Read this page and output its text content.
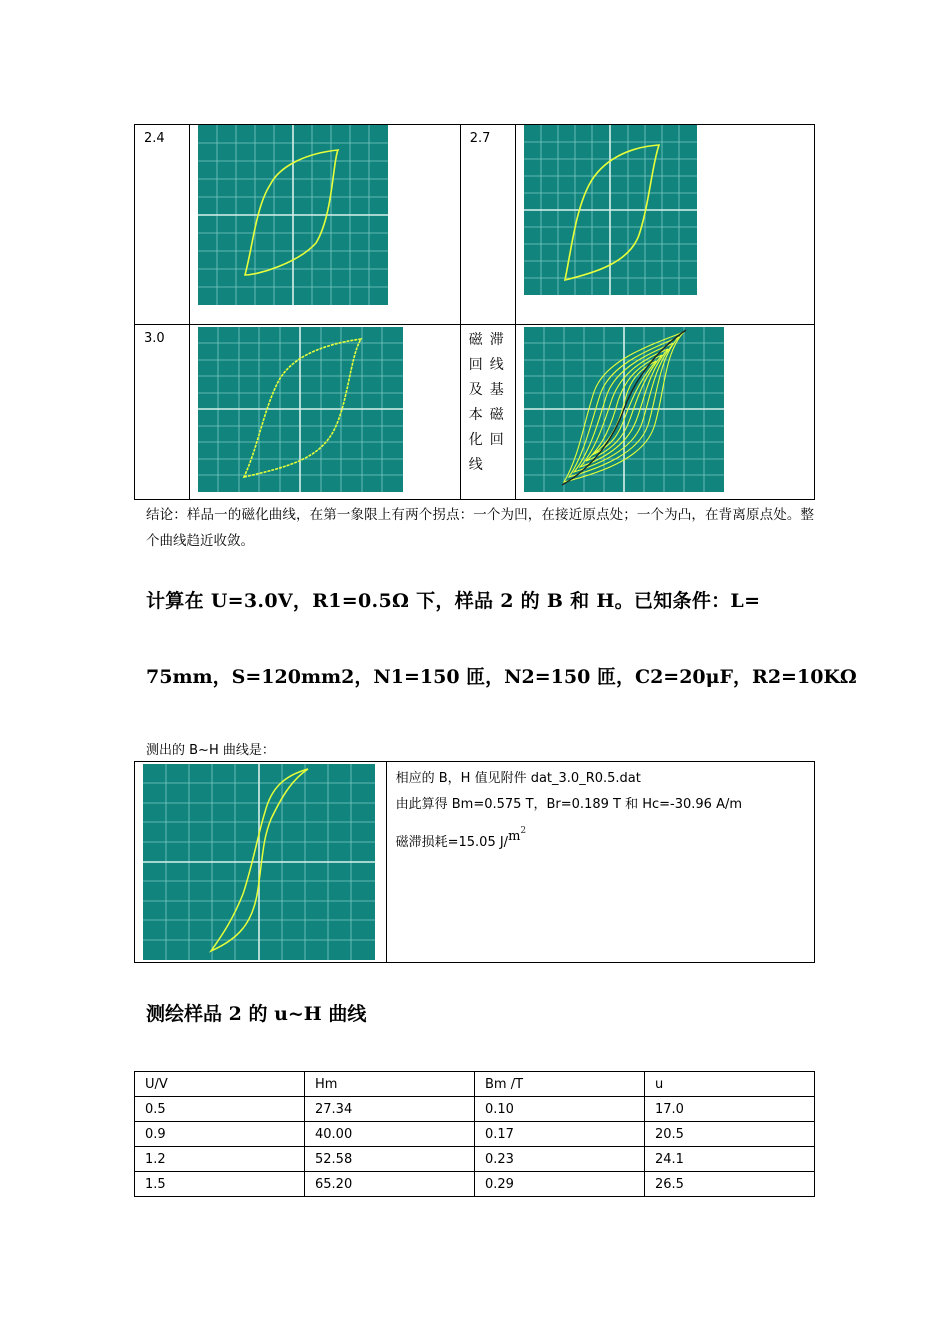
2.4		2.7

3.0		磁滞回线及基本磁化回线

结论：样品一的磁化曲线，在第一象限上有两个拐点：一个为凹，在接近原点处；一个为凸，在背离原点处。整个曲线趋近收敛。
计算在 U=3.0V，R1=0.5Ω 下，样品 2 的 B 和 H。已知条件：L=
75mm，S=120mm2，N1=150 匝，N2=150 匝，C2=20μF，R2=10KΩ
测出的 B~H 曲线是：

相应的 B，H 值见附件 dat_3.0_R0.5.dat
由此算得 Bm=0.575 T，Br=0.189 T 和 Hc=-30.96 A/m
磁滞损耗=15.05 $J/m^2$
测绘样品 2 的 u~H 曲线
U/V	Hm	Bm /T	u
0.5	27.34	0.10	17.0
0.9	40.00	0.17	20.5
1.2	52.58	0.23	24.1
1.5	65.20	0.29	26.5
